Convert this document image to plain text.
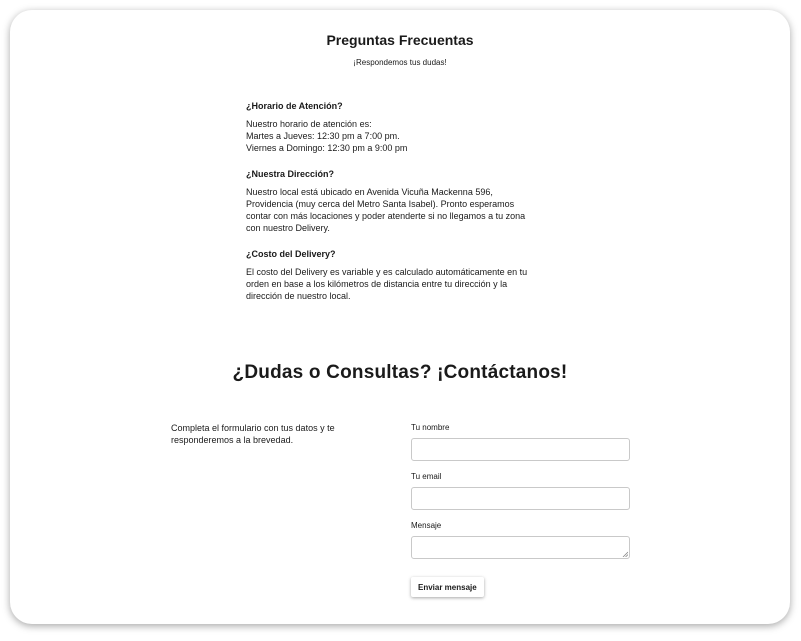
Preguntas Frecuentas

¡Respondemos tus dudas!

¿Horario de Atención?

Nuestro horario de atención es:
Martes a Jueves: 12:30 pm a 7:00 pm.
Viernes a Domingo: 12:30 pm a 9:00 pm

¿Nuestra Dirección?

Nuestro local está ubicado en Avenida Vicuña Mackenna 596,
Providencia (muy cerca del Metro Santa Isabel). Pronto esperamos
contar con más locaciones y poder atenderte si no llegamos a tu zona
con nuestro Delivery.

¿Costo del Delivery?

El costo del Delivery es variable y es calculado automáticamente en tu
orden en base a los kilómetros de distancia entre tu dirección y la
dirección de nuestro local.

¿Dudas o Consultas? ¡Contáctanos!

Completa el formulario con tus datos y te responderemos a la brevedad.

Tu nombre
Tu email
Mensaje
Enviar mensaje
